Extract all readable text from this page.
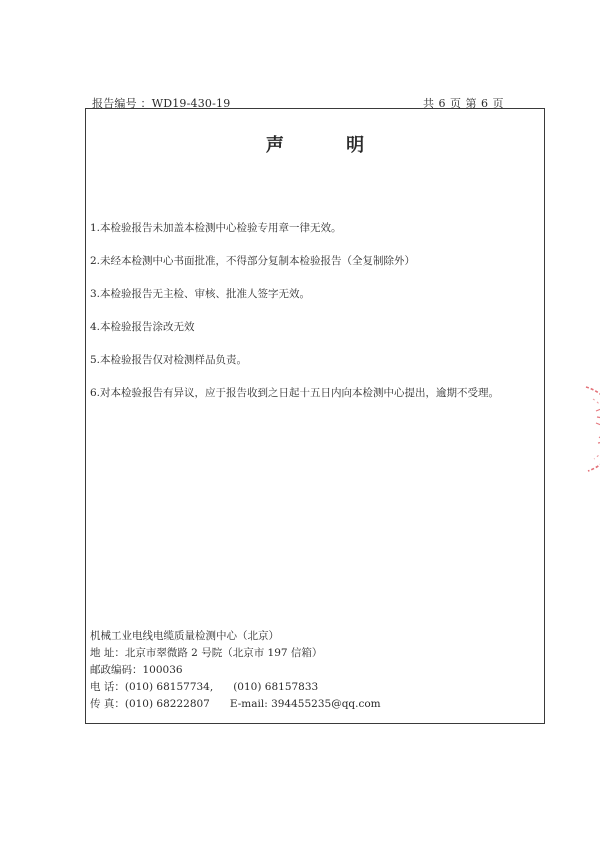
报告编号 ：WD19-430-19	共 6 页 第 6 页
声 明
1.本检验报告未加盖本检测中心检验专用章一律无效。
2.未经本检测中心书面批准，不得部分复制本检验报告（全复制除外）
3.本检验报告无主检、审核、批准人签字无效。
4.本检验报告涂改无效
5.本检验报告仅对检测样品负责。
6.对本检验报告有异议，应于报告收到之日起十五日内向本检测中心提出，逾期不受理。
机械工业电线电缆质量检测中心（北京）
地 址：北京市翠微路 2 号院（北京市 197 信箱）
邮政编码：100036
电 话：(010) 68157734, (010) 68157833
传 真：(010) 68222807 E-mail: 394455235@qq.com
